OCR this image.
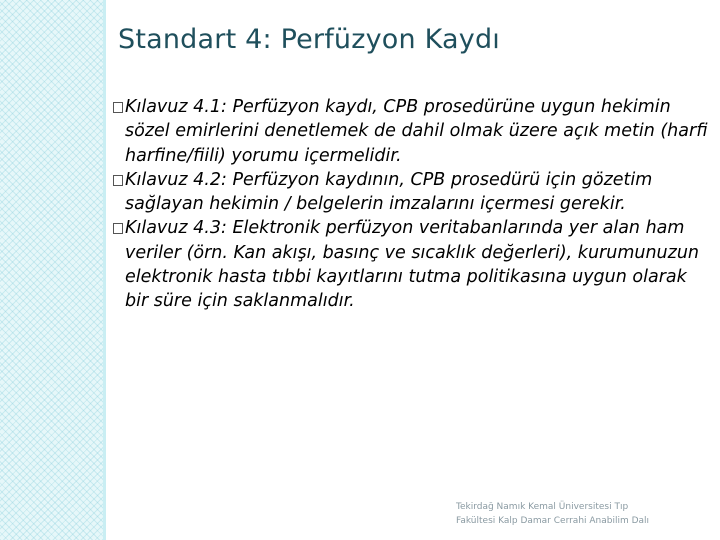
Standart 4: Perfüzyon Kaydı

Kılavuz 4.1: Perfüzyon kaydı, CPB prosedürüne uygun hekimin sözel emirlerini denetlemek de dahil olmak üzere açık metin (harfi harfine/fiili) yorumu içermelidir.

Kılavuz 4.2: Perfüzyon kaydının, CPB prosedürü için gözetim sağlayan hekimin / belgelerin imzalarını içermesi gerekir.

Kılavuz 4.3: Elektronik perfüzyon veritabanlarında yer alan ham veriler (örn. Kan akışı, basınç ve sıcaklık değerleri), kurumunuzun elektronik hasta tıbbi kayıtlarını tutma politikasına uygun olarak bir süre için saklanmalıdır.

Tekirdağ Namık Kemal Üniversitesi Tıp
Fakültesi Kalp Damar Cerrahi Anabilim Dalı
